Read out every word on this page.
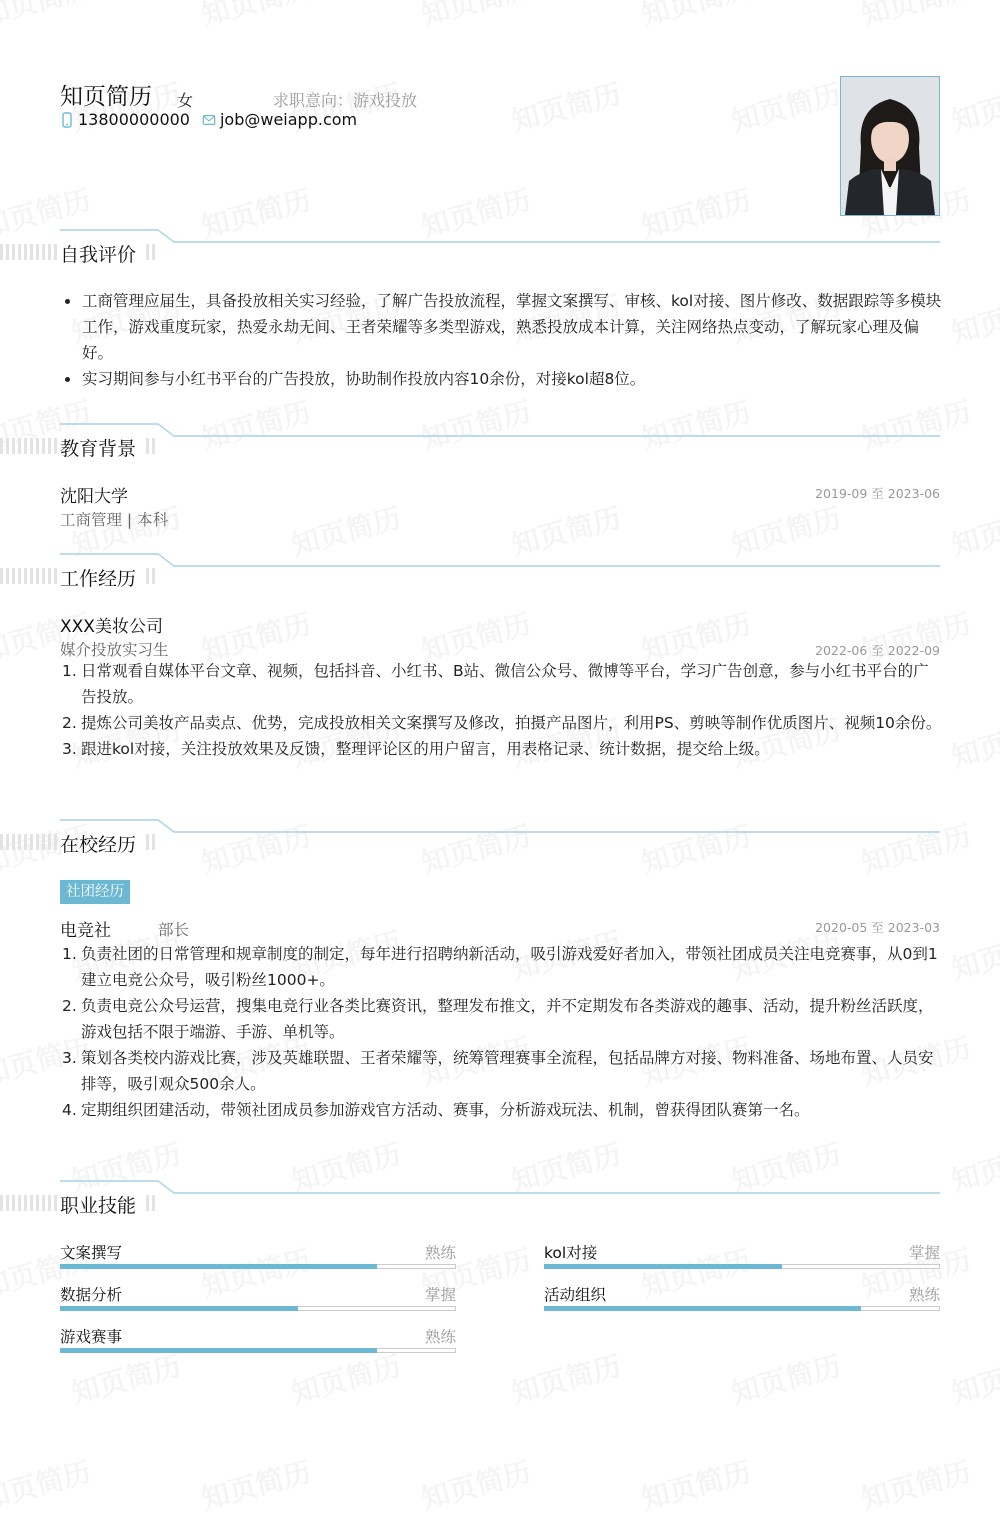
知页简历 女	求职意向：游戏投放
13800000000 job@weiapp.com
自我评价
工商管理应届生，具备投放相关实习经验，了解广告投放流程，掌握文案撰写、审核、kol对接、图片修改、数据跟踪等多模块工作，游戏重度玩家，热爱永劫无间、王者荣耀等多类型游戏，熟悉投放成本计算，关注网络热点变动，了解玩家心理及偏好。
实习期间参与小红书平台的广告投放，协助制作投放内容10余份，对接kol超8位。
教育背景
沈阳大学	2019-09 至 2023-06
工商管理 | 本科
工作经历
XXX美妆公司
媒介投放实习生	2022-06 至 2022-09
1. 日常观看自媒体平台文章、视频，包括抖音、小红书、B站、微信公众号、微博等平台，学习广告创意，参与小红书平台的广告投放。
2. 提炼公司美妆产品卖点、优势，完成投放相关文案撰写及修改，拍摄产品图片，利用PS、剪映等制作优质图片、视频10余份。
3. 跟进kol对接，关注投放效果及反馈，整理评论区的用户留言，用表格记录、统计数据，提交给上级。
在校经历
社团经历
电竞社	部长	2020-05 至 2023-03
1. 负责社团的日常管理和规章制度的制定，每年进行招聘纳新活动，吸引游戏爱好者加入，带领社团成员关注电竞赛事，从0到1建立电竞公众号，吸引粉丝1000+。
2. 负责电竞公众号运营，搜集电竞行业各类比赛资讯，整理发布推文，并不定期发布各类游戏的趣事、活动，提升粉丝活跃度，游戏包括不限于端游、手游、单机等。
3. 策划各类校内游戏比赛，涉及英雄联盟、王者荣耀等，统筹管理赛事全流程，包括品牌方对接、物料准备、场地布置、人员安排等，吸引观众500余人。
4. 定期组织团建活动，带领社团成员参加游戏官方活动、赛事，分析游戏玩法、机制，曾获得团队赛第一名。
职业技能
文案撰写	熟练	kol对接	掌握
数据分析	掌握	活动组织	熟练
游戏赛事	熟练
